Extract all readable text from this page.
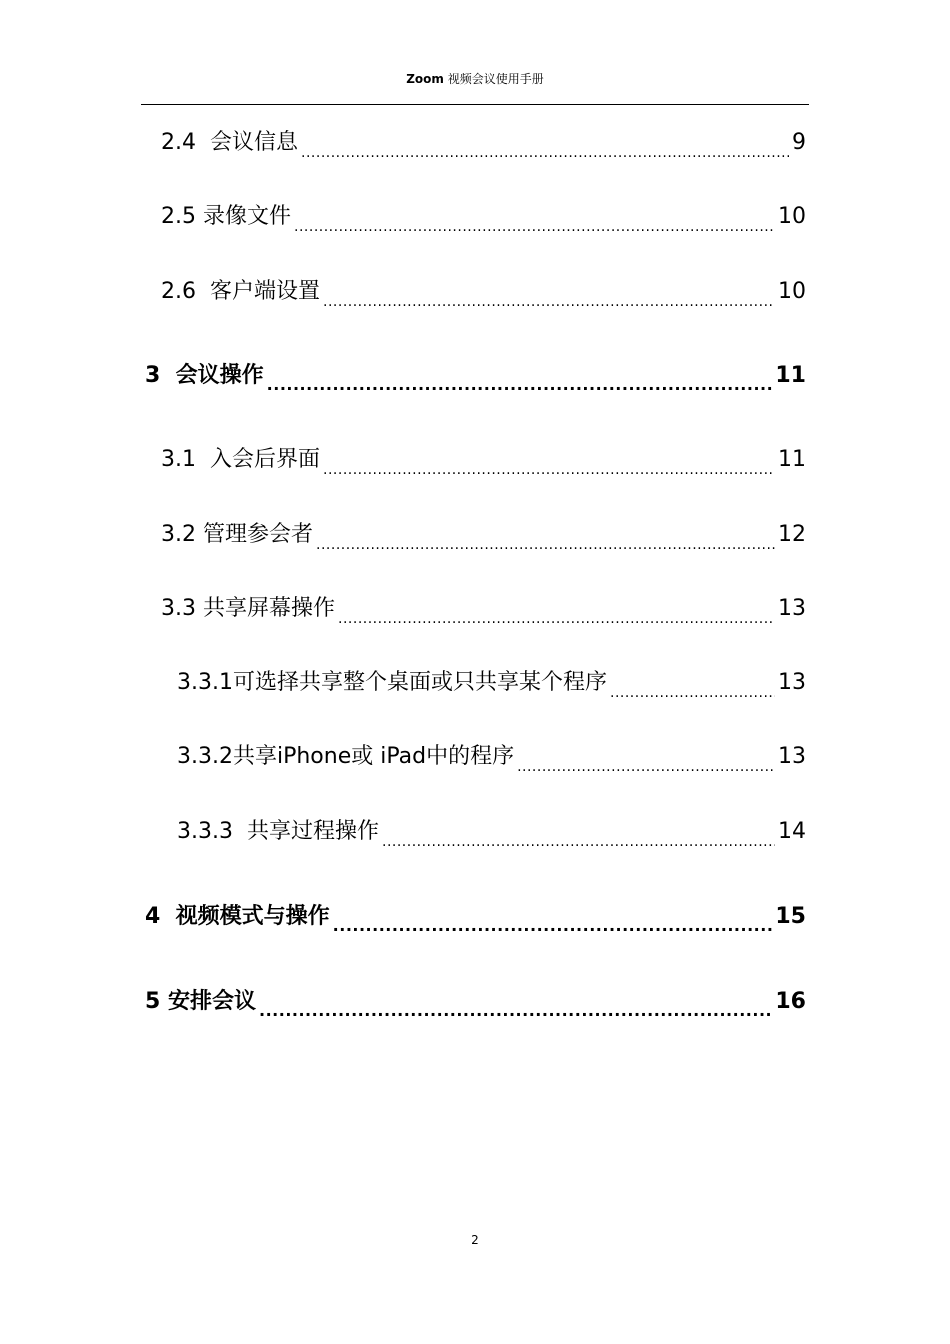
Zoom 视频会议使用手册
2.4 会议信息 .....	9
2.5 录像文件 .....	10
2.6 客户端设置 .....	10
3 会议操作 .....	11
3.1 入会后界面 .....	11
3.2 管理参会者 .....	12
3.3 共享屏幕操作 .....	13
3.3.1可选择共享整个桌面或只共享某个程序 .....	13
3.3.2共享iPhone或 iPad中的程序 .....	13
3.3.3 共享过程操作 .....	14
4 视频模式与操作 .....	15
5 安排会议 .....	16
2
